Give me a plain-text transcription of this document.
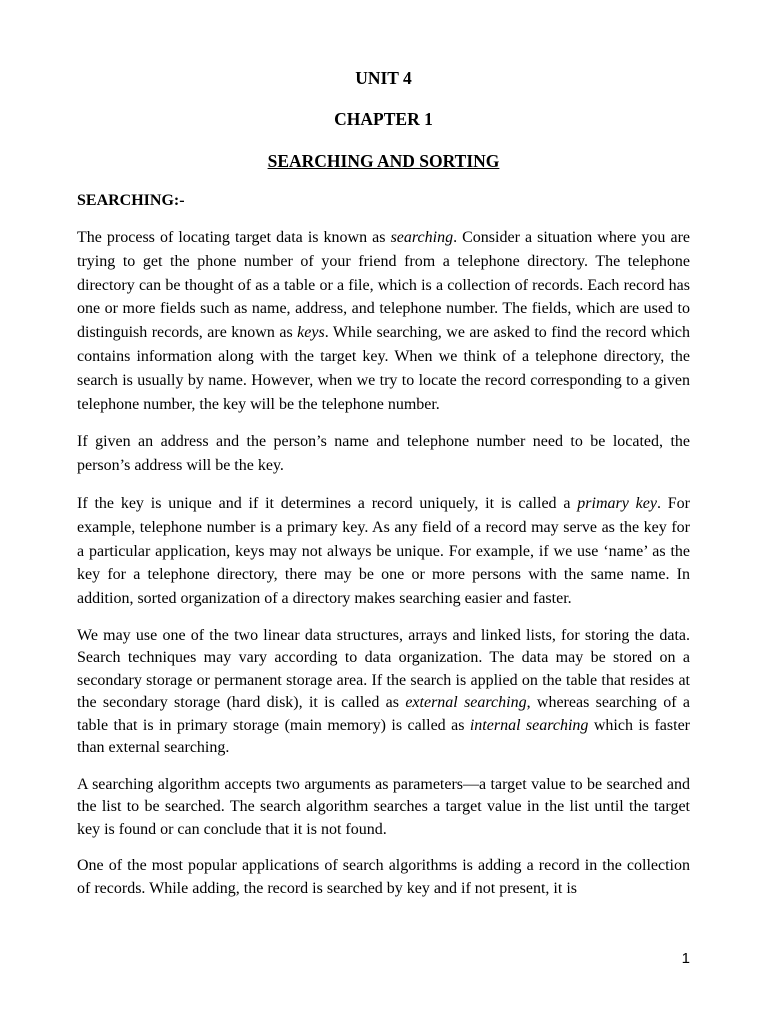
UNIT 4
CHAPTER 1
SEARCHING AND SORTING
SEARCHING:-

The process of locating target data is known as searching. Consider a situation where you are trying to get the phone number of your friend from a telephone directory. The telephone directory can be thought of as a table or a file, which is a collection of records. Each record has one or more fields such as name, address, and telephone number. The fields, which are used to distinguish records, are known as keys. While searching, we are asked to find the record which contains information along with the target key. When we think of a telephone directory, the search is usually by name. However, when we try to locate the record corresponding to a given telephone number, the key will be the telephone number.

If given an address and the person’s name and telephone number need to be located, the person’s address will be the key.

If the key is unique and if it determines a record uniquely, it is called a primary key. For example, telephone number is a primary key. As any field of a record may serve as the key for a particular application, keys may not always be unique. For example, if we use ‘name’ as the key for a telephone directory, there may be one or more persons with the same name. In addition, sorted organization of a directory makes searching easier and faster.

We may use one of the two linear data structures, arrays and linked lists, for storing the data. Search techniques may vary according to data organization. The data may be stored on a secondary storage or permanent storage area. If the search is applied on the table that resides at the secondary storage (hard disk), it is called as external searching, whereas searching of a table that is in primary storage (main memory) is called as internal searching which is faster than external searching.

A searching algorithm accepts two arguments as parameters—a target value to be searched and the list to be searched. The search algorithm searches a target value in the list until the target key is found or can conclude that it is not found.

One of the most popular applications of search algorithms is adding a record in the collection of records. While adding, the record is searched by key and if not present, it is

1
